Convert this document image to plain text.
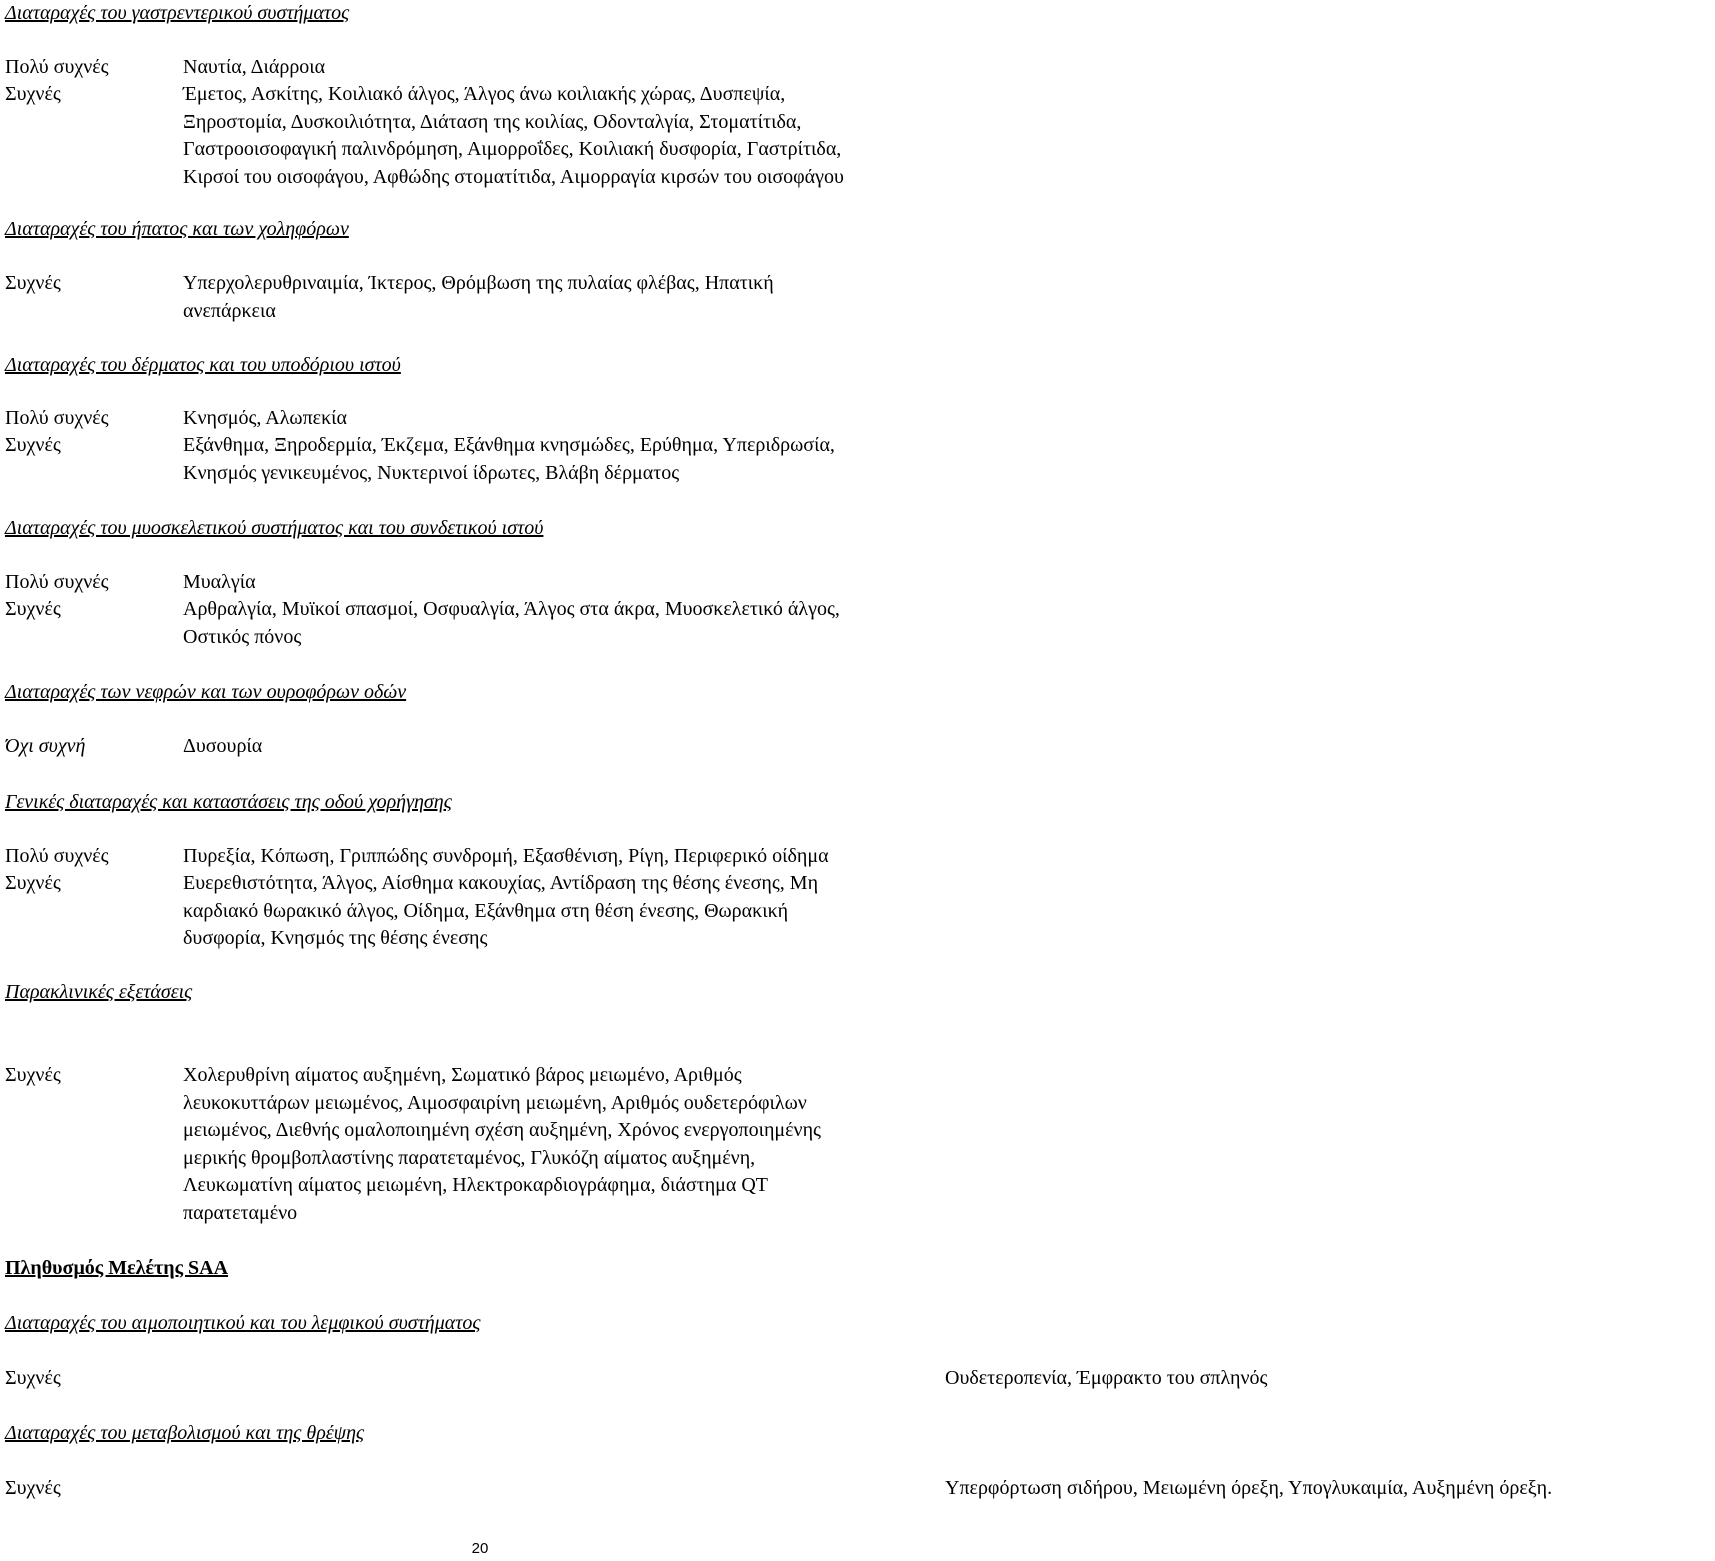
Διαταραχές του γαστρεντερικού συστήματος
Πολύ συχνές	Ναυτία, Διάρροια
Συχνές	Έμετος, Ασκίτης, Κοιλιακό άλγος, Άλγος άνω κοιλιακής χώρας, Δυσπεψία,
Ξηροστομία, Δυσκοιλιότητα, Διάταση της κοιλίας, Οδονταλγία, Στοματίτιδα,
Γαστροοισοφαγική παλινδρόμηση, Αιμορροΐδες, Κοιλιακή δυσφορία, Γαστρίτιδα,
Κιρσοί του οισοφάγου, Αφθώδης στοματίτιδα, Αιμορραγία κιρσών του οισοφάγου
Διαταραχές του ήπατος και των χοληφόρων
Συχνές	Υπερχολερυθριναιμία, Ίκτερος, Θρόμβωση της πυλαίας φλέβας, Ηπατική
ανεπάρκεια
Διαταραχές του δέρματος και του υποδόριου ιστού
Πολύ συχνές	Κνησμός, Αλωπεκία
Συχνές	Εξάνθημα, Ξηροδερμία, Έκζεμα, Εξάνθημα κνησμώδες, Ερύθημα, Υπεριδρωσία,
Κνησμός γενικευμένος, Νυκτερινοί ίδρωτες, Βλάβη δέρματος
Διαταραχές του μυοσκελετικού συστήματος και του συνδετικού ιστού
Πολύ συχνές	Μυαλγία
Συχνές	Αρθραλγία, Μυϊκοί σπασμοί, Οσφυαλγία, Άλγος στα άκρα, Μυοσκελετικό άλγος,
Οστικός πόνος
Διαταραχές των νεφρών και των ουροφόρων οδών
Όχι συχνή	Δυσουρία
Γενικές διαταραχές και καταστάσεις της οδού χορήγησης
Πολύ συχνές	Πυρεξία, Κόπωση, Γριππώδης συνδρομή, Εξασθένιση, Ρίγη, Περιφερικό οίδημα
Συχνές	Ευερεθιστότητα, Άλγος, Αίσθημα κακουχίας, Αντίδραση της θέσης ένεσης, Μη
καρδιακό θωρακικό άλγος, Οίδημα, Εξάνθημα στη θέση ένεσης, Θωρακική
δυσφορία, Κνησμός της θέσης ένεσης
Παρακλινικές εξετάσεις
Συχνές	Χολερυθρίνη αίματος αυξημένη, Σωματικό βάρος μειωμένο, Αριθμός
λευκοκυττάρων μειωμένος, Αιμοσφαιρίνη μειωμένη, Αριθμός ουδετερόφιλων
μειωμένος, Διεθνής ομαλοποιημένη σχέση αυξημένη, Χρόνος ενεργοποιημένης
μερικής θρομβοπλαστίνης παρατεταμένος, Γλυκόζη αίματος αυξημένη,
Λευκωματίνη αίματος μειωμένη, Ηλεκτροκαρδιογράφημα, διάστημα QT
παρατεταμένο
Πληθυσμός Μελέτης SAA
Διαταραχές του αιμοποιητικού και του λεμφικού συστήματος
Συχνές	Ουδετεροπενία, Έμφρακτο του σπληνός
Διαταραχές του μεταβολισμού και της θρέψης
Συχνές	Υπερφόρτωση σιδήρου, Μειωμένη όρεξη, Υπογλυκαιμία, Αυξημένη όρεξη.
20
